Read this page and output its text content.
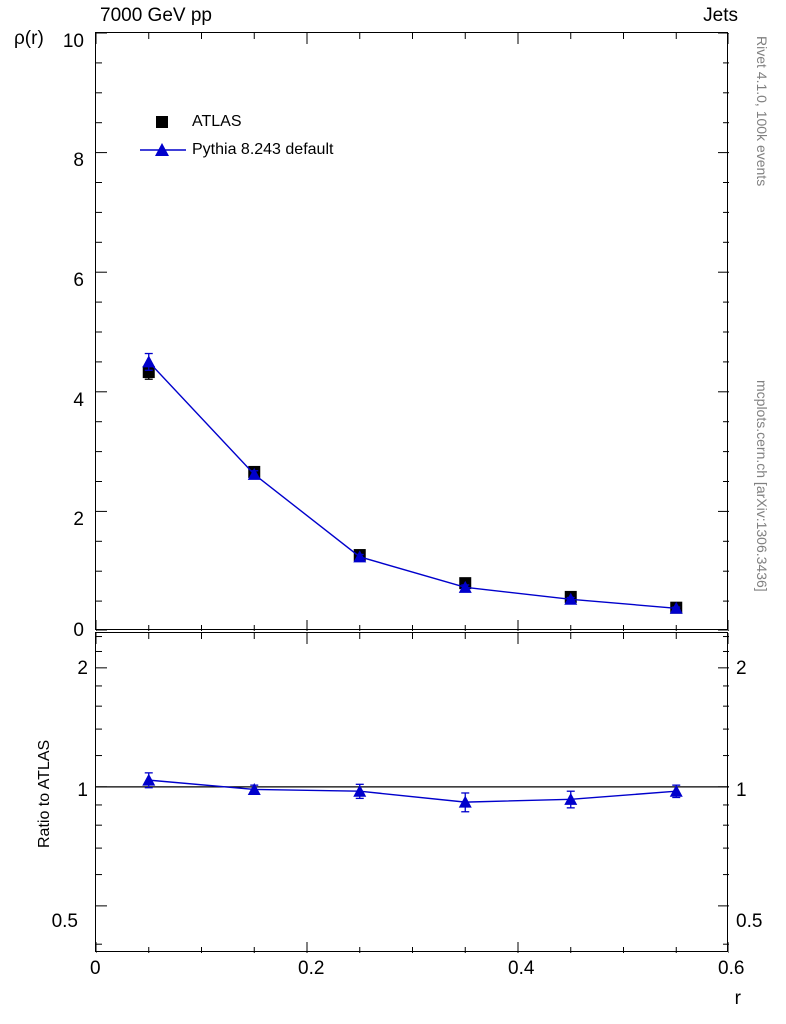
7000 GeV pp	Jets
Rivet 4.1.0, 100k events
mcplots.cern.ch [arXiv:1306.3436]
ρ(r)
r
Ratio to ATLAS
10
8
6
4
2
0
2
1
0.5
2
1
0.5
0	0.2	0.4	0.6
ATLAS
Pythia 8.243 default
